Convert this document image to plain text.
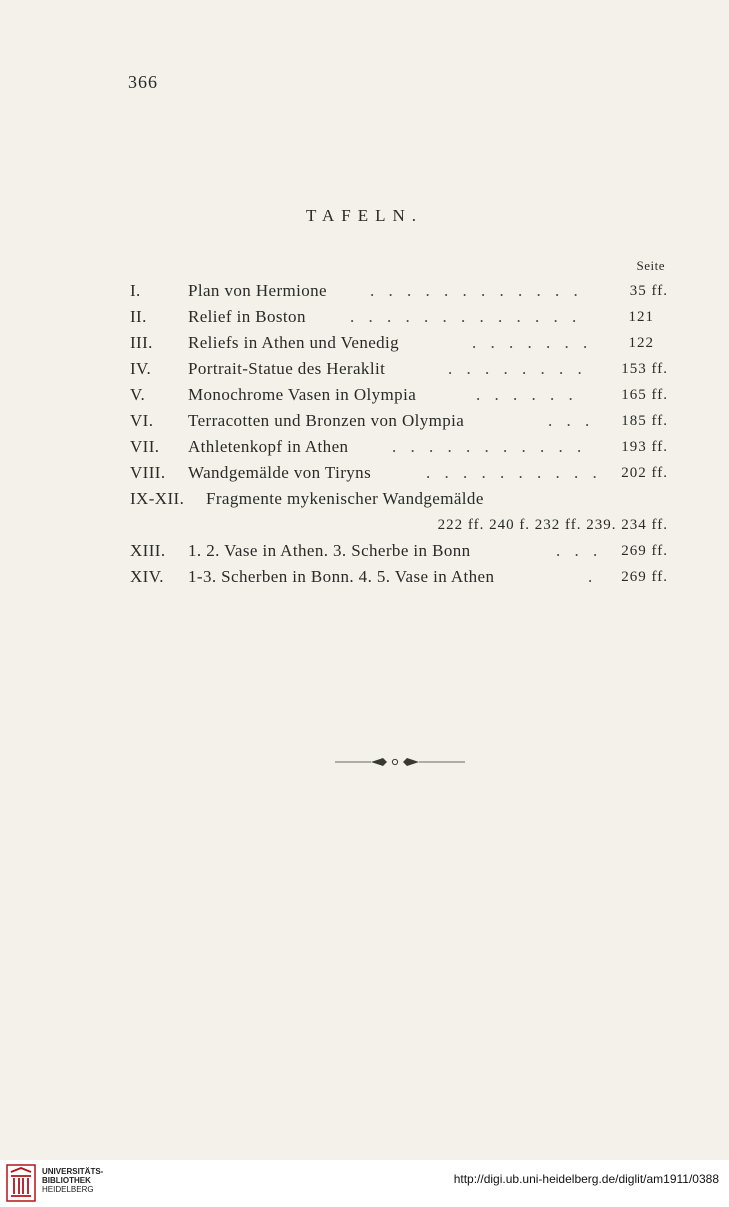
366
TAFELN.
Seite
I.	Plan von Hermione	. . . . . . . . . . . .	35 ff.
II. Relief in Boston	. . . . . . . . . . . . .	121
III. Reliefs in Athen und Venedig	. . . . . . . 122
IV. Portrait-Statue des Heraklit	. . . . . . . . 153 ff.
V.	Monochrome Vasen in Olympia	. . . . . .	165 ff.
VI. Terracotten und Bronzen von Olympia	. . . 185 ff.
VII. Athletenkopf in Athen	. . . . . . . . . . . 193 ff.
VIII. Wandgemälde von Tiryns	. . . . . . . . . . 202 ff.
IX-XII. Fragmente mykenischer Wandgemälde
222 ff. 240 f. 232 ff. 239. 234 ff.
XIII. 1. 2. Vase in Athen. 3. Scherbe in Bonn	. . . 269 ff.
XIV. 1-3. Scherben in Bonn. 4. 5. Vase in Athen	. 269 ff.
UNIVERSITÄTS-
BIBLIOTHEK
HEIDELBERG
http://digi.ub.uni-heidelberg.de/diglit/am1911/0388
